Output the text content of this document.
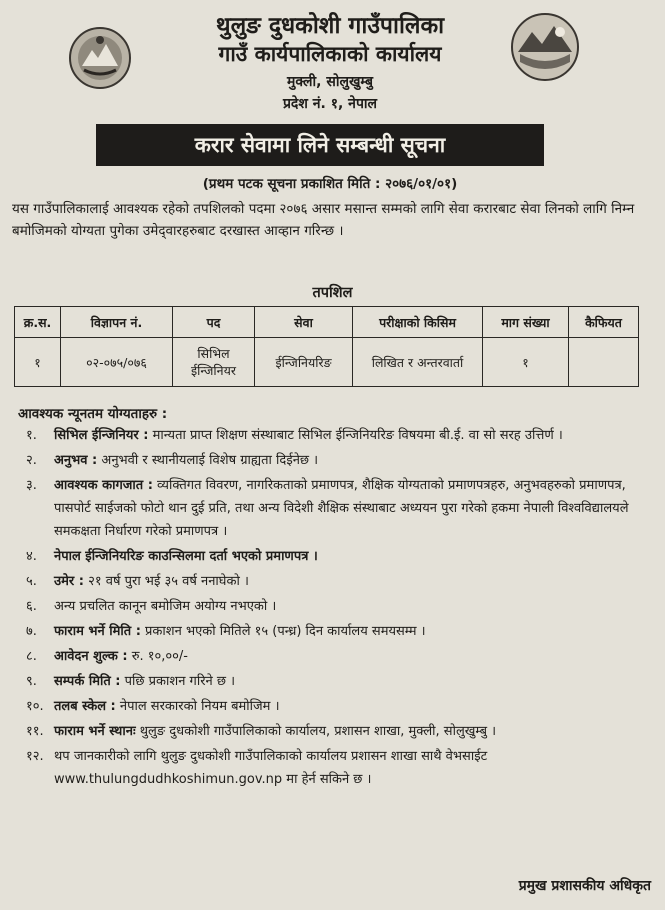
थुलुङ दुधकोशी गाउँपालिका
गाउँ कार्यपालिकाको कार्यालय
मुक्ली, सोलुखुम्बु
प्रदेश नं. १, नेपाल
करार सेवामा लिने सम्बन्धी सूचना
(प्रथम पटक सूचना प्रकाशित मिति : २०७६/०१/०१)
यस गाउँपालिकालाई आवश्यक रहेको तपशिलको पदमा २०७६ असार मसान्त सम्मको लागि सेवा करारबाट सेवा लिनको लागि निम्न बमोजिमको योग्यता पुगेका उमेद्‌वारहरुबाट दरखास्त आव्हान गरिन्छ ।
तपशिल
क्र.स.	विज्ञापन नं.	पद	सेवा	परीक्षाको किसिम	माग संख्या	कैफियत
१	०२-०७५/०७६	सिभिल ईन्जिनियर	ईन्जिनियरिङ	लिखित र अन्तरवार्ता	१	
आवश्यक न्यूनतम योग्यताहरु :
१.	सिभिल ईन्जिनियर : मान्यता प्राप्त शिक्षण संस्थाबाट सिभिल ईन्जिनियरिङ विषयमा बी.ई. वा सो सरह उत्तिर्ण ।
२.	अनुभव : अनुभवी र स्थानीयलाई विशेष ग्राह्यता दिईनेछ ।
३.	आवश्यक कागजात : व्यक्तिगत विवरण, नागरिकताको प्रमाणपत्र, शैक्षिक योग्यताको प्रमाणपत्रहरु, अनुभवहरुको प्रमाणपत्र, पासपोर्ट साईजको फोटो थान दुई प्रति, तथा अन्य विदेशी शैक्षिक संस्थाबाट अध्ययन पुरा गरेको हकमा नेपाली विश्वविद्यालयले समकक्षता निर्धारण गरेको प्रमाणपत्र ।
४.	नेपाल ईन्जिनियरिङ काउन्सिलमा दर्ता भएको प्रमाणपत्र ।
५.	उमेर : २१ वर्ष पुरा भई ३५ वर्ष ननाघेको ।
६.	अन्य प्रचलित कानून बमोजिम अयोग्य नभएको ।
७.	फाराम भर्ने मिति : प्रकाशन भएको मितिले १५ (पन्ध्र) दिन कार्यालय समयसम्म ।
८.	आवेदन शुल्क : रु. १०,००/-
९.	सम्पर्क मिति : पछि प्रकाशन गरिने छ ।
१०. तलब स्केल : नेपाल सरकारको नियम बमोजिम ।
११. फाराम भर्ने स्थानः थुलुङ दुधकोशी गाउँपालिकाको कार्यालय, प्रशासन शाखा, मुक्ली, सोलुखुम्बु ।
१२. थप जानकारीको लागि थुलुङ दुधकोशी गाउँपालिकाको कार्यालय प्रशासन शाखा साथै वेभसाईट www.thulungdudhkoshimun.gov.np मा हेर्न सकिने छ ।
प्रमुख प्रशासकीय अधिकृत
